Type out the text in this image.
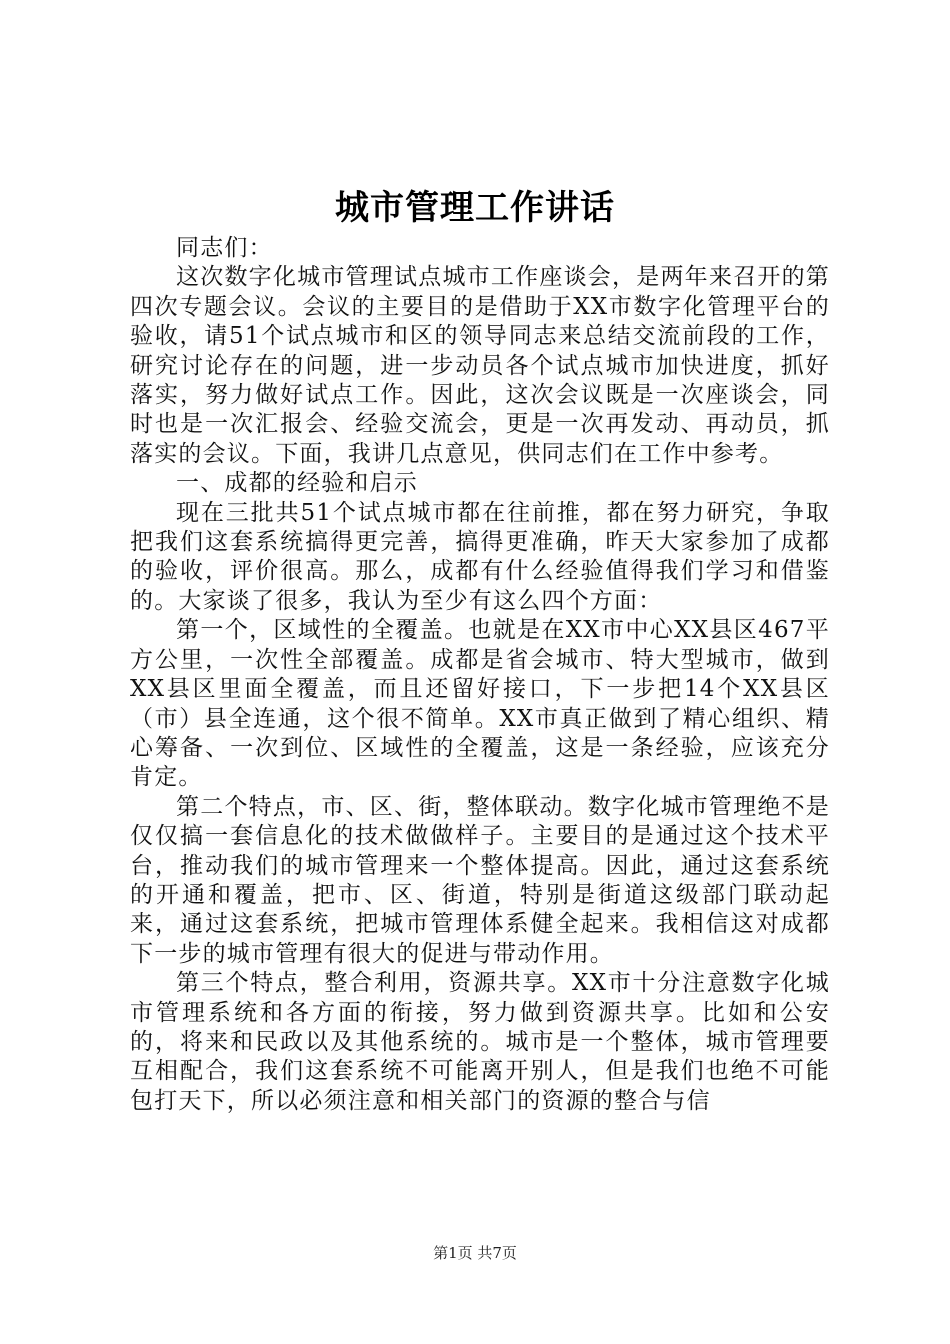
城市管理工作讲话

同志们：

这次数字化城市管理试点城市工作座谈会，是两年来召开的第四次专题会议。会议的主要目的是借助于XX市数字化管理平台的验收，请51个试点城市和区的领导同志来总结交流前段的工作，研究讨论存在的问题，进一步动员各个试点城市加快进度，抓好落实，努力做好试点工作。因此，这次会议既是一次座谈会，同时也是一次汇报会、经验交流会，更是一次再发动、再动员，抓落实的会议。下面，我讲几点意见，供同志们在工作中参考。

一、成都的经验和启示

现在三批共51个试点城市都在往前推，都在努力研究，争取把我们这套系统搞得更完善，搞得更准确，昨天大家参加了成都的验收，评价很高。那么，成都有什么经验值得我们学习和借鉴的。大家谈了很多，我认为至少有这么四个方面：

第一个，区域性的全覆盖。也就是在XX市中心XX县区467平方公里，一次性全部覆盖。成都是省会城市、特大型城市，做到XX县区里面全覆盖，而且还留好接口，下一步把14个XX县区（市）县全连通，这个很不简单。XX市真正做到了精心组织、精心筹备、一次到位、区域性的全覆盖，这是一条经验，应该充分肯定。

第二个特点，市、区、街，整体联动。数字化城市管理绝不是仅仅搞一套信息化的技术做做样子。主要目的是通过这个技术平台，推动我们的城市管理来一个整体提高。因此，通过这套系统的开通和覆盖，把市、区、街道，特别是街道这级部门联动起来，通过这套系统，把城市管理体系健全起来。我相信这对成都下一步的城市管理有很大的促进与带动作用。

第三个特点，整合利用，资源共享。XX市十分注意数字化城市管理系统和各方面的衔接，努力做到资源共享。比如和公安的，将来和民政以及其他系统的。城市是一个整体，城市管理要互相配合，我们这套系统不可能离开别人，但是我们也绝不可能包打天下，所以必须注意和相关部门的资源的整合与信

第1页 共7页
